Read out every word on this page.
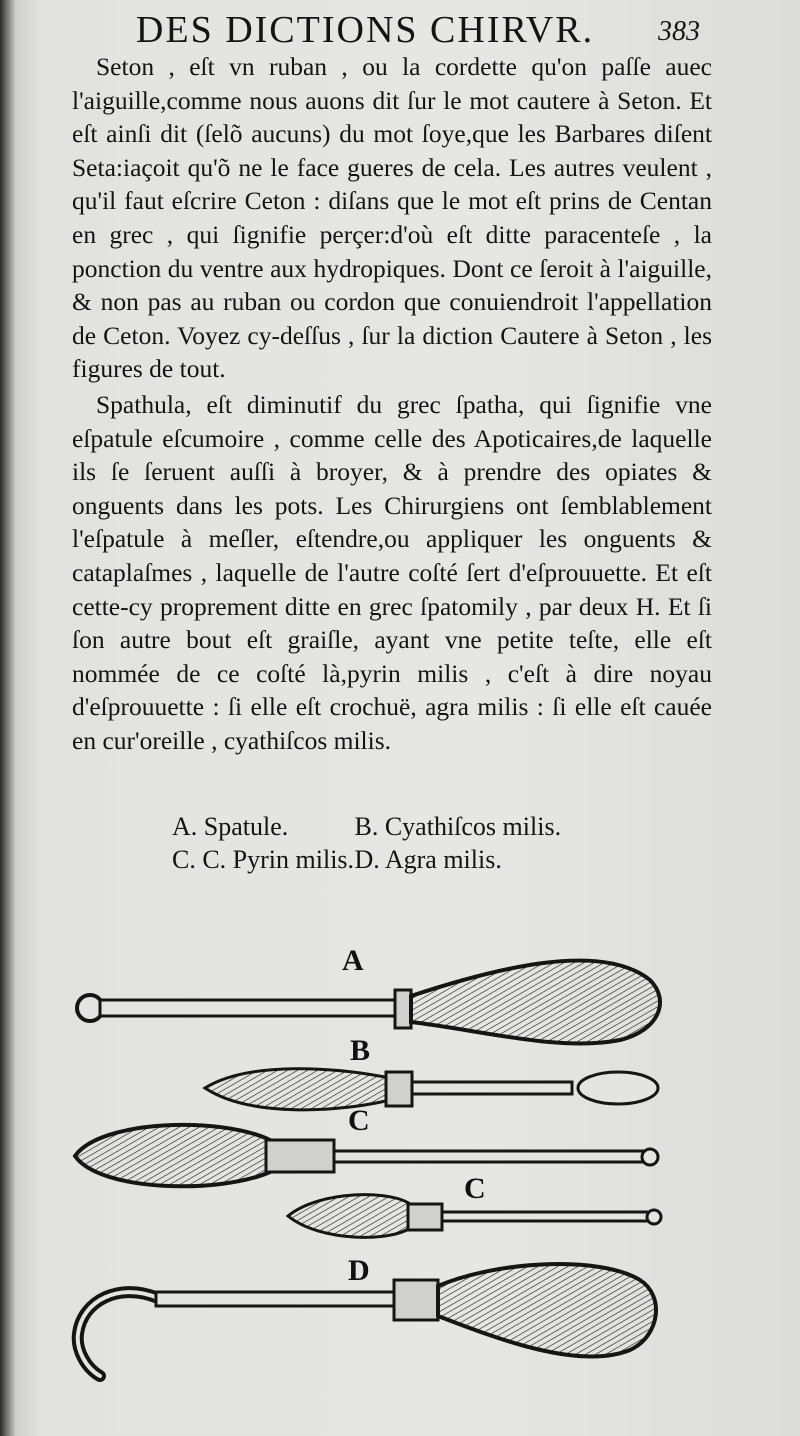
DES DICTIONS CHIRVR. 383

Seton , eſt vn ruban , ou la cordette qu'on paſſe auec l'aiguille,comme nous auons dit ſur le mot cautere à Seton. Et eſt ainſi dit (ſelõ aucuns) du mot ſoye,que les Barbares diſent Seta:iaçoit qu'õ ne le face gueres de cela. Les autres veulent , qu'il faut eſcrire Ceton : diſans que le mot eſt prins de Centan en grec , qui ſignifie perçer:d'où eſt ditte paracenteſe , la ponction du ventre aux hydropiques. Dont ce ſeroit à l'aiguille, & non pas au ruban ou cordon que conuiendroit l'appellation de Ceton. Voyez cy-deſſus , ſur la diction Cautere à Seton , les figures de tout.

Spathula, eſt diminutif du grec ſpatha, qui ſignifie vne eſpatule eſcumoire , comme celle des Apoticaires,de laquelle ils ſe ſeruent auſſi à broyer, & à prendre des opiates & onguents dans les pots. Les Chirurgiens ont ſemblablement l'eſpatule à meſler, eſtendre,ou appliquer les onguents & cataplaſmes , laquelle de l'autre coſté ſert d'eſprouuette. Et eſt cette-cy proprement ditte en grec ſpatomily , par deux H. Et ſi ſon autre bout eſt graiſle, ayant vne petite teſte, elle eſt nommée de ce coſté là,pyrin milis , c'eſt à dire noyau d'eſprouuette : ſi elle eſt crochuë, agra milis : ſi elle eſt cauée en cur'oreille , cyathiſcos milis.

A. Spatule.	B. Cyathiſcos milis.
C. C. Pyrin milis. D. Agra milis.
A
B
C
C
D
